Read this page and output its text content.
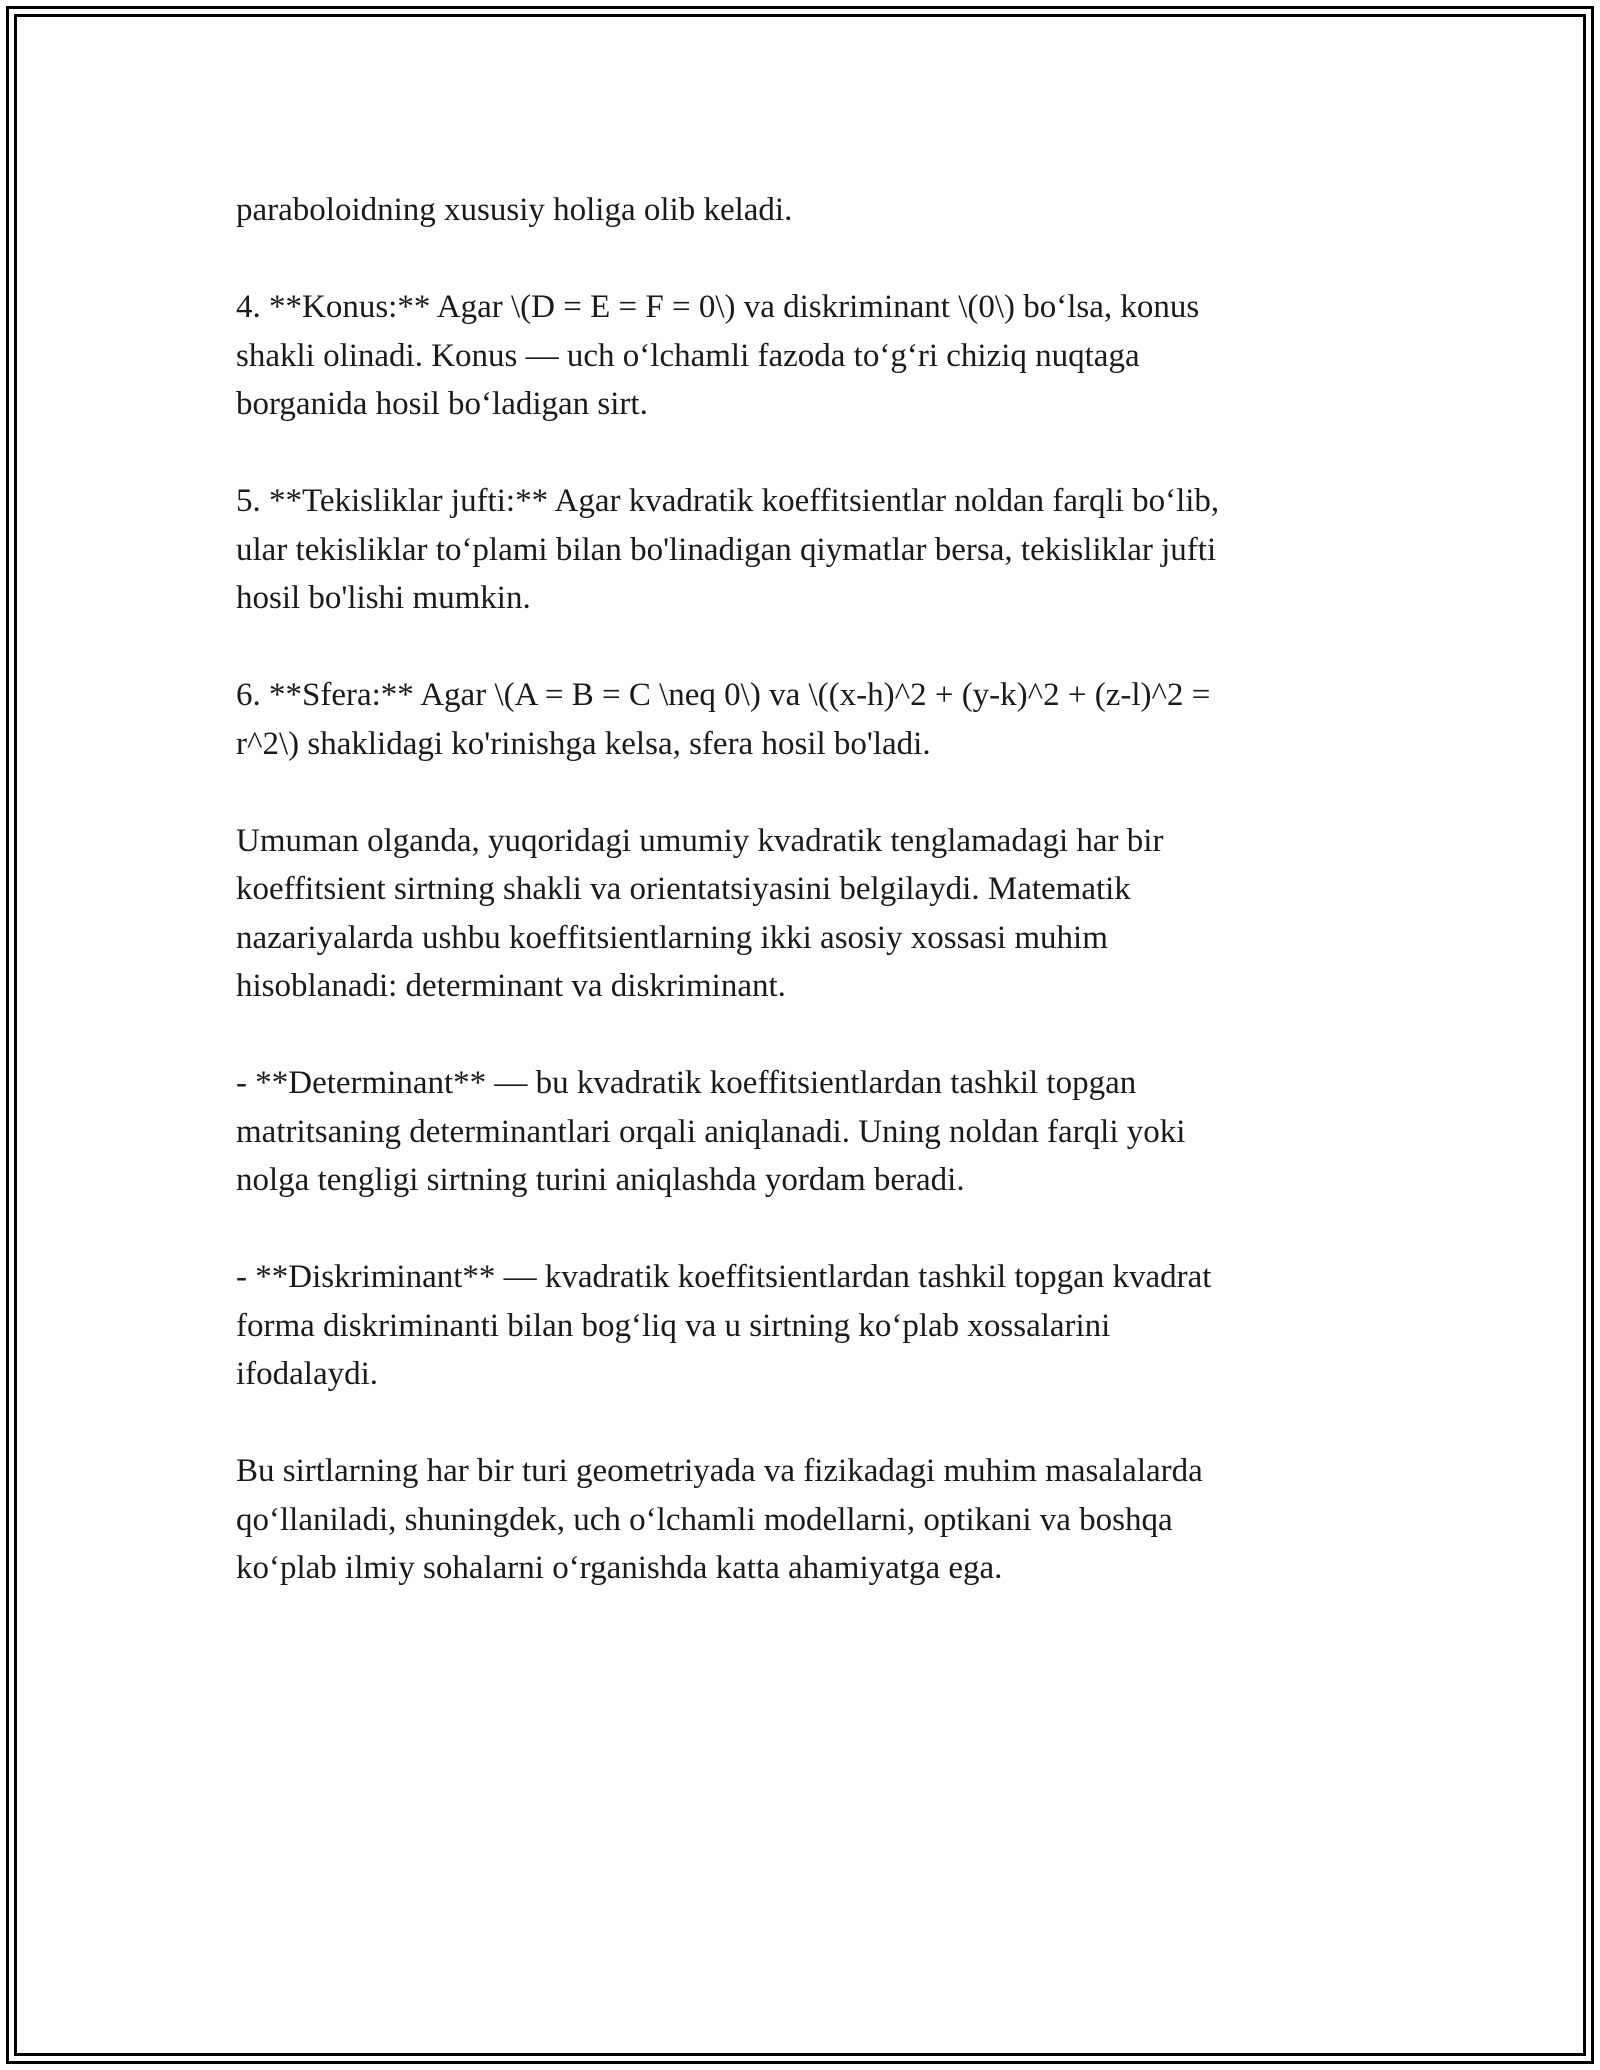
paraboloidning xususiy holiga olib keladi.

4. **Konus:** Agar \(D = E = F = 0\) va diskriminant \(0\) bo‘lsa, konus
shakli olinadi. Konus — uch o‘lchamli fazoda to‘g‘ri chiziq nuqtaga
borganida hosil bo‘ladigan sirt.

5. **Tekisliklar jufti:** Agar kvadratik koeffitsientlar noldan farqli bo‘lib,
ular tekisliklar to‘plami bilan bo'linadigan qiymatlar bersa, tekisliklar jufti
hosil bo'lishi mumkin.

6. **Sfera:** Agar \(A = B = C \neq 0\) va \((x-h)^2 + (y-k)^2 + (z-l)^2 =
r^2\) shaklidagi ko'rinishga kelsa, sfera hosil bo'ladi.

Umuman olganda, yuqoridagi umumiy kvadratik tenglamadagi har bir
koeffitsient sirtning shakli va orientatsiyasini belgilaydi. Matematik
nazariyalarda ushbu koeffitsientlarning ikki asosiy xossasi muhim
hisoblanadi: determinant va diskriminant.

- **Determinant** — bu kvadratik koeffitsientlardan tashkil topgan
matritsaning determinantlari orqali aniqlanadi. Uning noldan farqli yoki
nolga tengligi sirtning turini aniqlashda yordam beradi.

- **Diskriminant** — kvadratik koeffitsientlardan tashkil topgan kvadrat
forma diskriminanti bilan bog‘liq va u sirtning ko‘plab xossalarini
ifodalaydi.

Bu sirtlarning har bir turi geometriyada va fizikadagi muhim masalalarda
qo‘llaniladi, shuningdek, uch o‘lchamli modellarni, optikani va boshqa
ko‘plab ilmiy sohalarni o‘rganishda katta ahamiyatga ega.
